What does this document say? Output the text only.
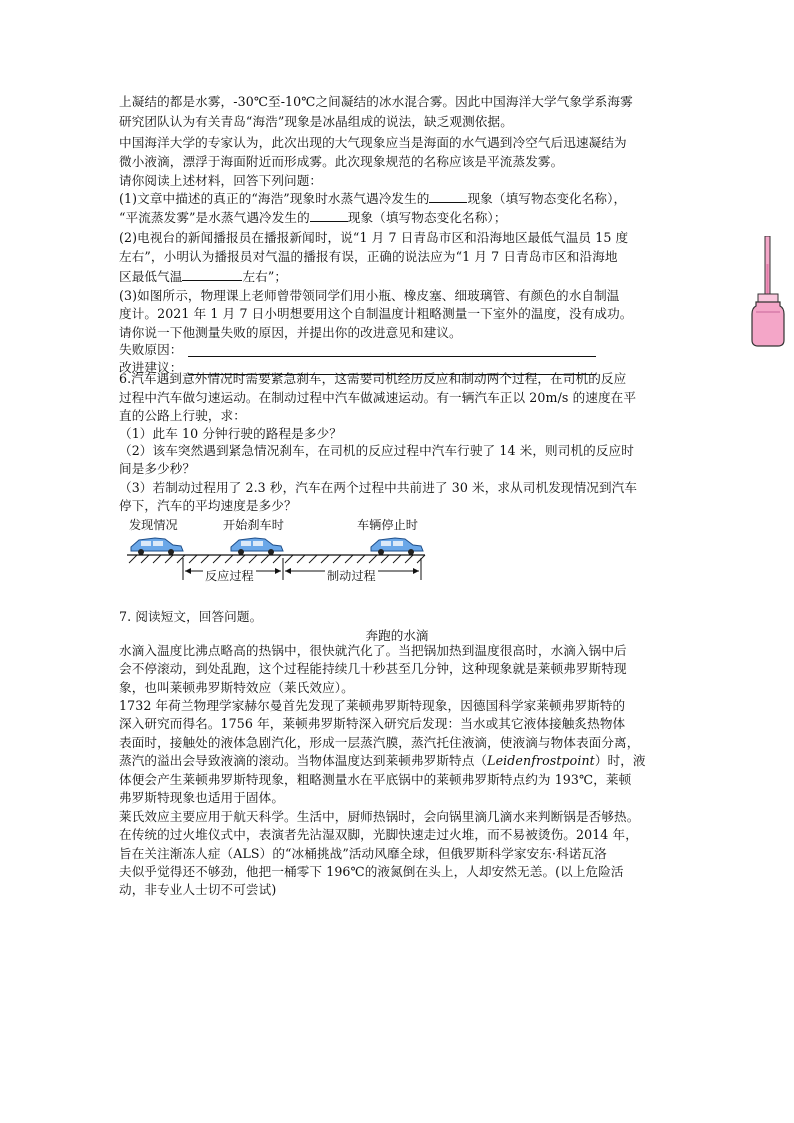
上凝结的都是水雾，-30℃至-10℃之间凝结的冰水混合雾。因此中国海洋大学气象学系海雾
研究团队认为有关青岛“海浩”现象是冰晶组成的说法，缺乏观测依据。
中国海洋大学的专家认为，此次出现的大气现象应当是海面的水气遇到冷空气后迅速凝结为
微小液滴，漂浮于海面附近而形成雾。此次现象规范的名称应该是平流蒸发雾。
请你阅读上述材料，回答下列问题：
(1)文章中描述的真正的“海浩”现象时水蒸气遇冷发生的	现象（填写物态变化名称），
“平流蒸发雾”是水蒸气遇冷发生的	现象（填写物态变化名称）；
(2)电视台的新闻播报员在播报新闻时，说“1 月 7 日青岛市区和沿海地区最低气温员 15 度
左右”，小明认为播报员对气温的播报有误，正确的说法应为“1 月 7 日青岛市区和沿海地
区最低气温	左右”；
(3)如图所示，物理课上老师曾带领同学们用小瓶、橡皮塞、细玻璃管、有颜色的水自制温
度计。2021 年 1 月 7 日小明想要用这个自制温度计粗略测量一下室外的温度，没有成功。
请你说一下他测量失败的原因，并提出你的改进意见和建议。
失败原因：
改进建议：
6.汽车遇到意外情况时需要紧急刹车，这需要司机经历反应和制动两个过程，在司机的反应
过程中汽车做匀速运动。在制动过程中汽车做减速运动。有一辆汽车正以 20m/s 的速度在平
直的公路上行驶，求：
（1）此车 10 分钟行驶的路程是多少？
（2）该车突然遇到紧急情况刹车，在司机的反应过程中汽车行驶了 14 米，则司机的反应时
间是多少秒？
（3）若制动过程用了 2.3 秒，汽车在两个过程中共前进了 30 米，求从司机发现情况到汽车
停下，汽车的平均速度是多少？
发现情况	开始刹车时	车辆停止时
反应过程	制动过程
7. 阅读短文，回答问题。
奔跑的水滴
水滴入温度比沸点略高的热锅中，很快就汽化了。当把锅加热到温度很高时，水滴入锅中后
会不停滚动，到处乱跑，这个过程能持续几十秒甚至几分钟，这种现象就是莱顿弗罗斯特现
象，也叫莱顿弗罗斯特效应（莱氏效应）。
1732 年荷兰物理学家赫尔曼首先发现了莱顿弗罗斯特现象，因德国科学家莱顿弗罗斯特的
深入研究而得名。1756 年，莱顿弗罗斯特深入研究后发现：当水或其它液体接触炙热物体
表面时，接触处的液体急剧汽化，形成一层蒸汽膜，蒸汽托住液滴，使液滴与物体表面分离，
蒸汽的溢出会导致液滴的滚动。当物体温度达到莱顿弗罗斯特点（Leidenfrostpoint）时，液
体便会产生莱顿弗罗斯特现象，粗略测量水在平底锅中的莱顿弗罗斯特点约为 193℃，莱顿
弗罗斯特现象也适用于固体。
莱氏效应主要应用于航天科学。生活中，厨师热锅时，会向锅里滴几滴水来判断锅是否够热。
在传统的过火堆仪式中，表演者先沾湿双脚，光脚快速走过火堆，而不易被烫伤。2014 年，
旨在关注渐冻人症（ALS）的“冰桶挑战”活动风靡全球，但俄罗斯科学家安东·科诺瓦洛
夫似乎觉得还不够劲，他把一桶零下 196℃的液氮倒在头上，人却安然无恙。(以上危险活
动，非专业人士切不可尝试)
